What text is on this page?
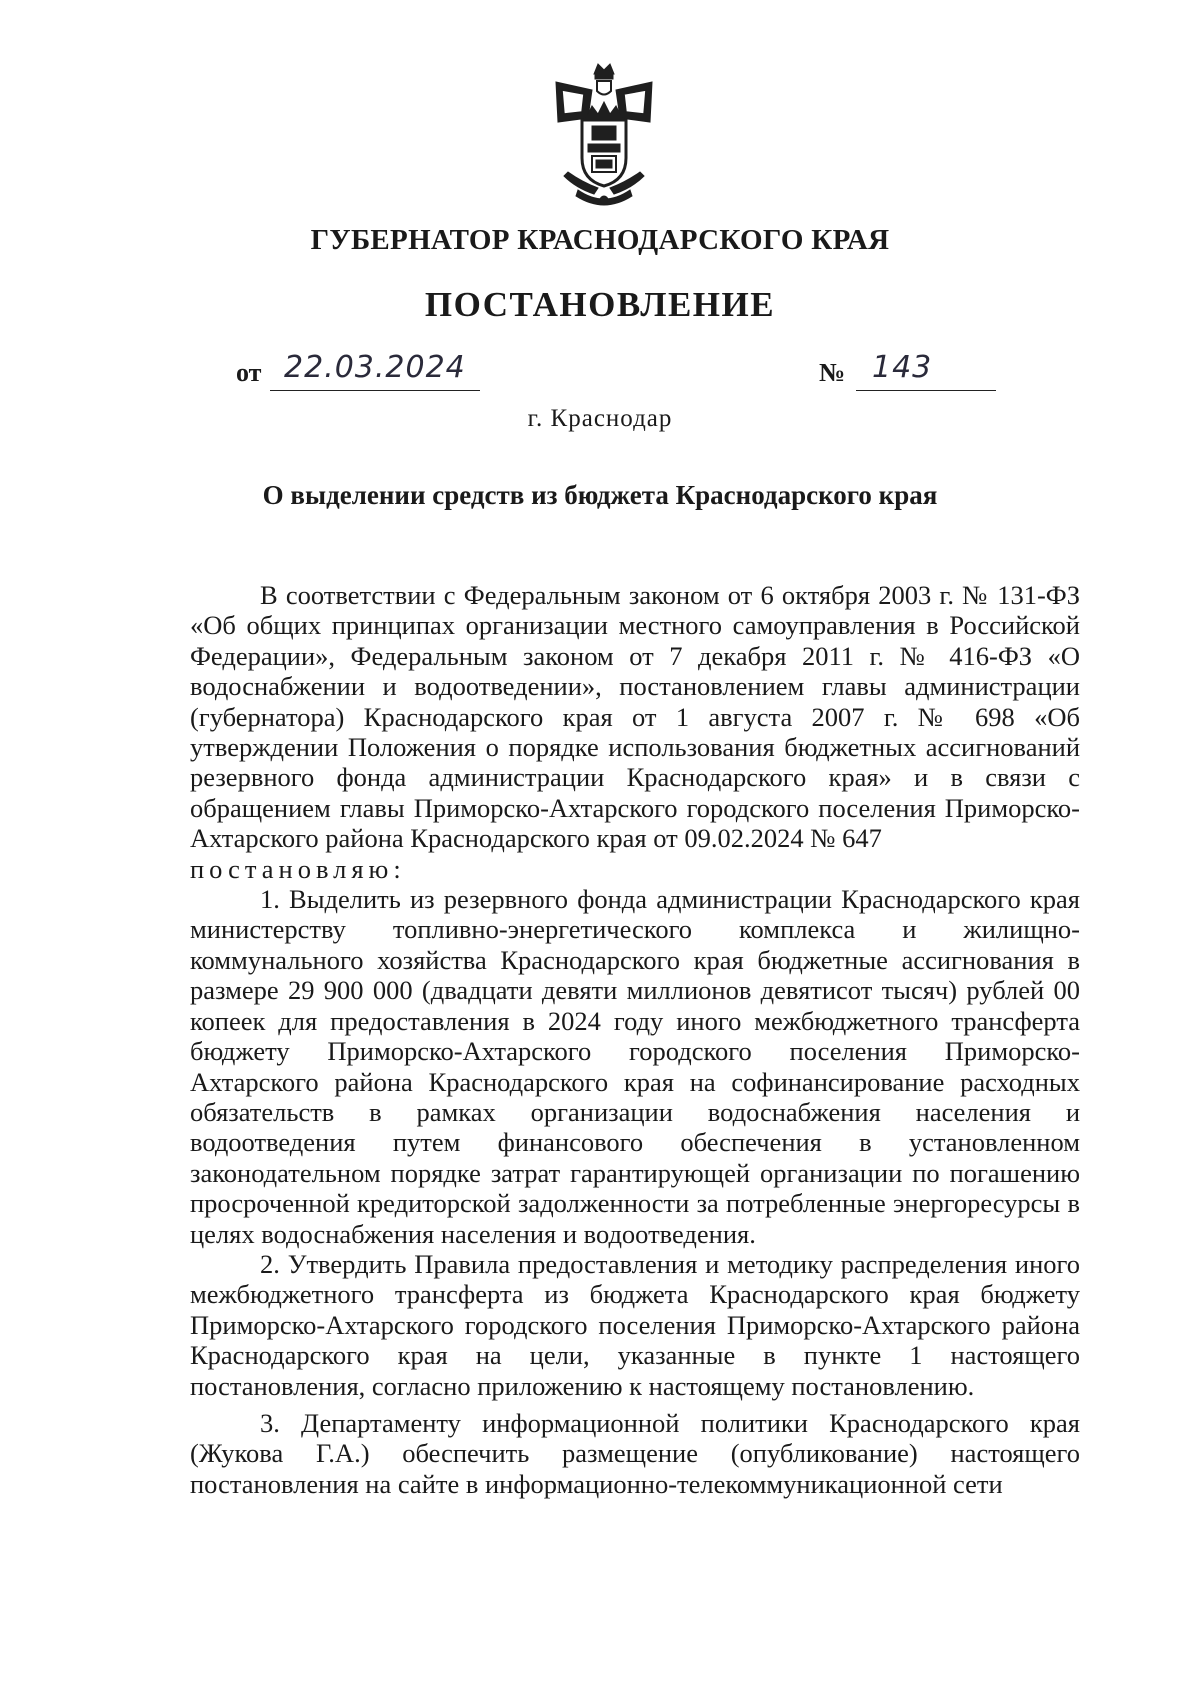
ГУБЕРНАТОР КРАСНОДАРСКОГО КРАЯ
ПОСТАНОВЛЕНИЕ
от 22.03.2024	№ 143
г. Краснодар
О выделении средств из бюджета Краснодарского края

В соответствии с Федеральным законом от 6 октября 2003 г. № 131-ФЗ «Об общих принципах организации местного самоуправления в Российской Федерации», Федеральным законом от 7 декабря 2011 г. № 416-ФЗ «О водоснабжении и водоотведении», постановлением главы администрации (губернатора) Краснодарского края от 1 августа 2007 г. № 698 «Об утверждении Положения о порядке использования бюджетных ассигнований резервного фонда администрации Краснодарского края» и в связи с обращением главы Приморско-Ахтарского городского поселения Приморско-Ахтарского района Краснодарского края от 09.02.2024 № 647

постановляю:

1. Выделить из резервного фонда администрации Краснодарского края министерству топливно-энергетического комплекса и жилищно-коммунального хозяйства Краснодарского края бюджетные ассигнования в размере 29 900 000 (двадцати девяти миллионов девятисот тысяч) рублей 00 копеек для предоставления в 2024 году иного межбюджетного трансферта бюджету Приморско-Ахтарского городского поселения Приморско-Ахтарского района Краснодарского края на софинансирование расходных обязательств в рамках организации водоснабжения населения и водоотведения путем финансового обеспечения в установленном законодательном порядке затрат гарантирующей организации по погашению просроченной кредиторской задолженности за потребленные энергоресурсы в целях водоснабжения населения и водоотведения.

2. Утвердить Правила предоставления и методику распределения иного межбюджетного трансферта из бюджета Краснодарского края бюджету Приморско-Ахтарского городского поселения Приморско-Ахтарского района Краснодарского края на цели, указанные в пункте 1 настоящего постановления, согласно приложению к настоящему постановлению.

3. Департаменту информационной политики Краснодарского края (Жукова Г.А.) обеспечить размещение (опубликование) настоящего постановления на сайте в информационно-телекоммуникационной сети
